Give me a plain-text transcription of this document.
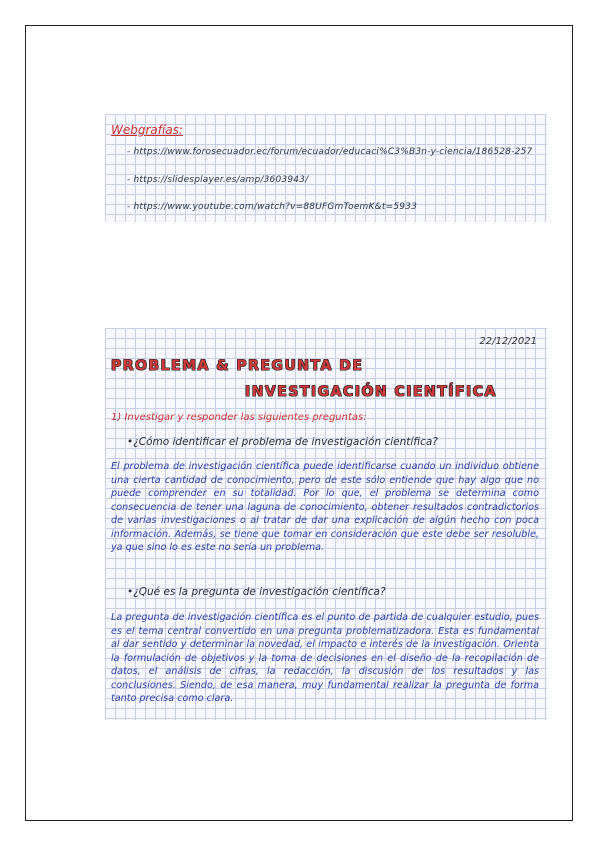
Webgrafías:
- https://www.forosecuador.ec/forum/ecuador/educaci%C3%B3n-y-ciencia/186528-257
- https://slidesplayer.es/amp/3603943/
- https://www.youtube.com/watch?v=88UFGmToemK&t=5933
22/12/2021
PROBLEMA & PREGUNTA DE
INVESTIGACIÓN CIENTÍFICA
1) Investigar y responder las siguientes preguntas:
•¿Cómo identificar el problema de investigación científica?

El problema de investigación científica puede identificarse cuando un individuo obtiene una cierta cantidad de conocimiento, pero de este sólo entiende que hay algo que no puede comprender en su totalidad. Por lo que, el problema se determina como consecuencia de tener una laguna de conocimiento, obtener resultados contradictorios de varias investigaciones o al tratar de dar una explicación de algún hecho con poca información. Además, se tiene que tomar en consideración que este debe ser resoluble, ya que sino lo es este no sería un problema.

•¿Qué es la pregunta de investigación científica?

La pregunta de investigación científica es el punto de partida de cualquier estudio, pues es el tema central convertido en una pregunta problematizadora. Esta es fundamental al dar sentido y determinar la novedad, el impacto e interés de la investigación. Orienta la formulación de objetivos y la toma de decisiones en el diseño de la recopilación de datos, el análisis de cifras, la redacción, la discusión de los resultados y las conclusiones. Siendo, de esa manera, muy fundamental realizar la pregunta de forma tanto precisa como clara.
